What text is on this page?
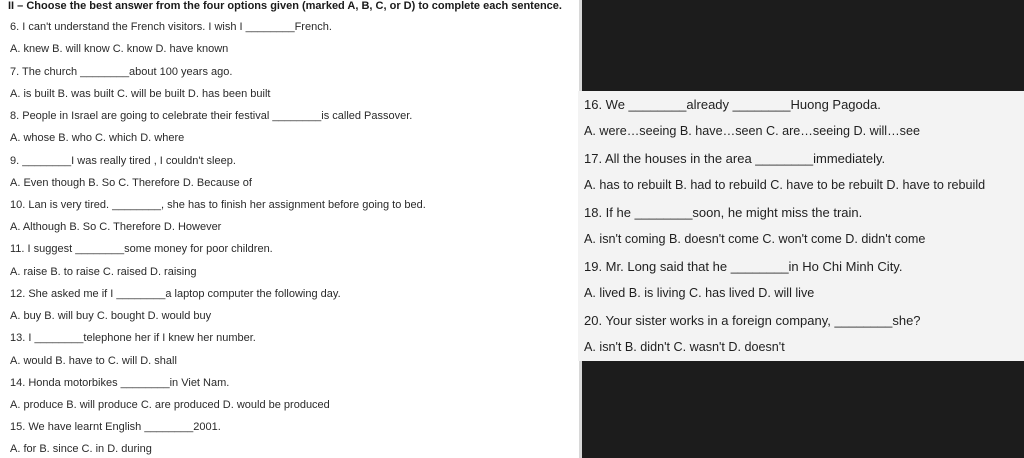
II – Choose the best answer from the four options given (marked A, B, C, or D) to complete each sentence.
6. I can't understand the French visitors. I wish I ________French.
A. knew B. will know C. know D. have known
7. The church ________about 100 years ago.
A. is built B. was built C. will be built D. has been built
8. People in Israel are going to celebrate their festival ________is called Passover.
A. whose B. who C. which D. where
9. ________I was really tired , I couldn't sleep.
A. Even though B. So C. Therefore D. Because of
10. Lan is very tired. ________, she has to finish her assignment before going to bed.
A. Although B. So C. Therefore D. However
11. I suggest ________some money for poor children.
A. raise B. to raise C. raised D. raising
12. She asked me if I ________a laptop computer the following day.
A. buy B. will buy C. bought D. would buy
13. I ________telephone her if I knew her number.
A. would B. have to C. will D. shall
14. Honda motorbikes ________in Viet Nam.
A. produce B. will produce C. are produced D. would be produced
15. We have learnt English ________2001.
A. for B. since C. in D. during
16. We ________already ________Huong Pagoda.
A. were…seeing B. have…seen C. are…seeing D. will…see
17. All the houses in the area ________immediately.
A. has to rebuilt B. had to rebuild C. have to be rebuilt D. have to rebuild
18. If he ________soon, he might miss the train.
A. isn't coming B. doesn't come C. won't come D. didn't come
19. Mr. Long said that he ________in Ho Chi Minh City.
A. lived B. is living C. has lived D. will live
20. Your sister works in a foreign company, ________she?
A. isn't B. didn't C. wasn't D. doesn't
